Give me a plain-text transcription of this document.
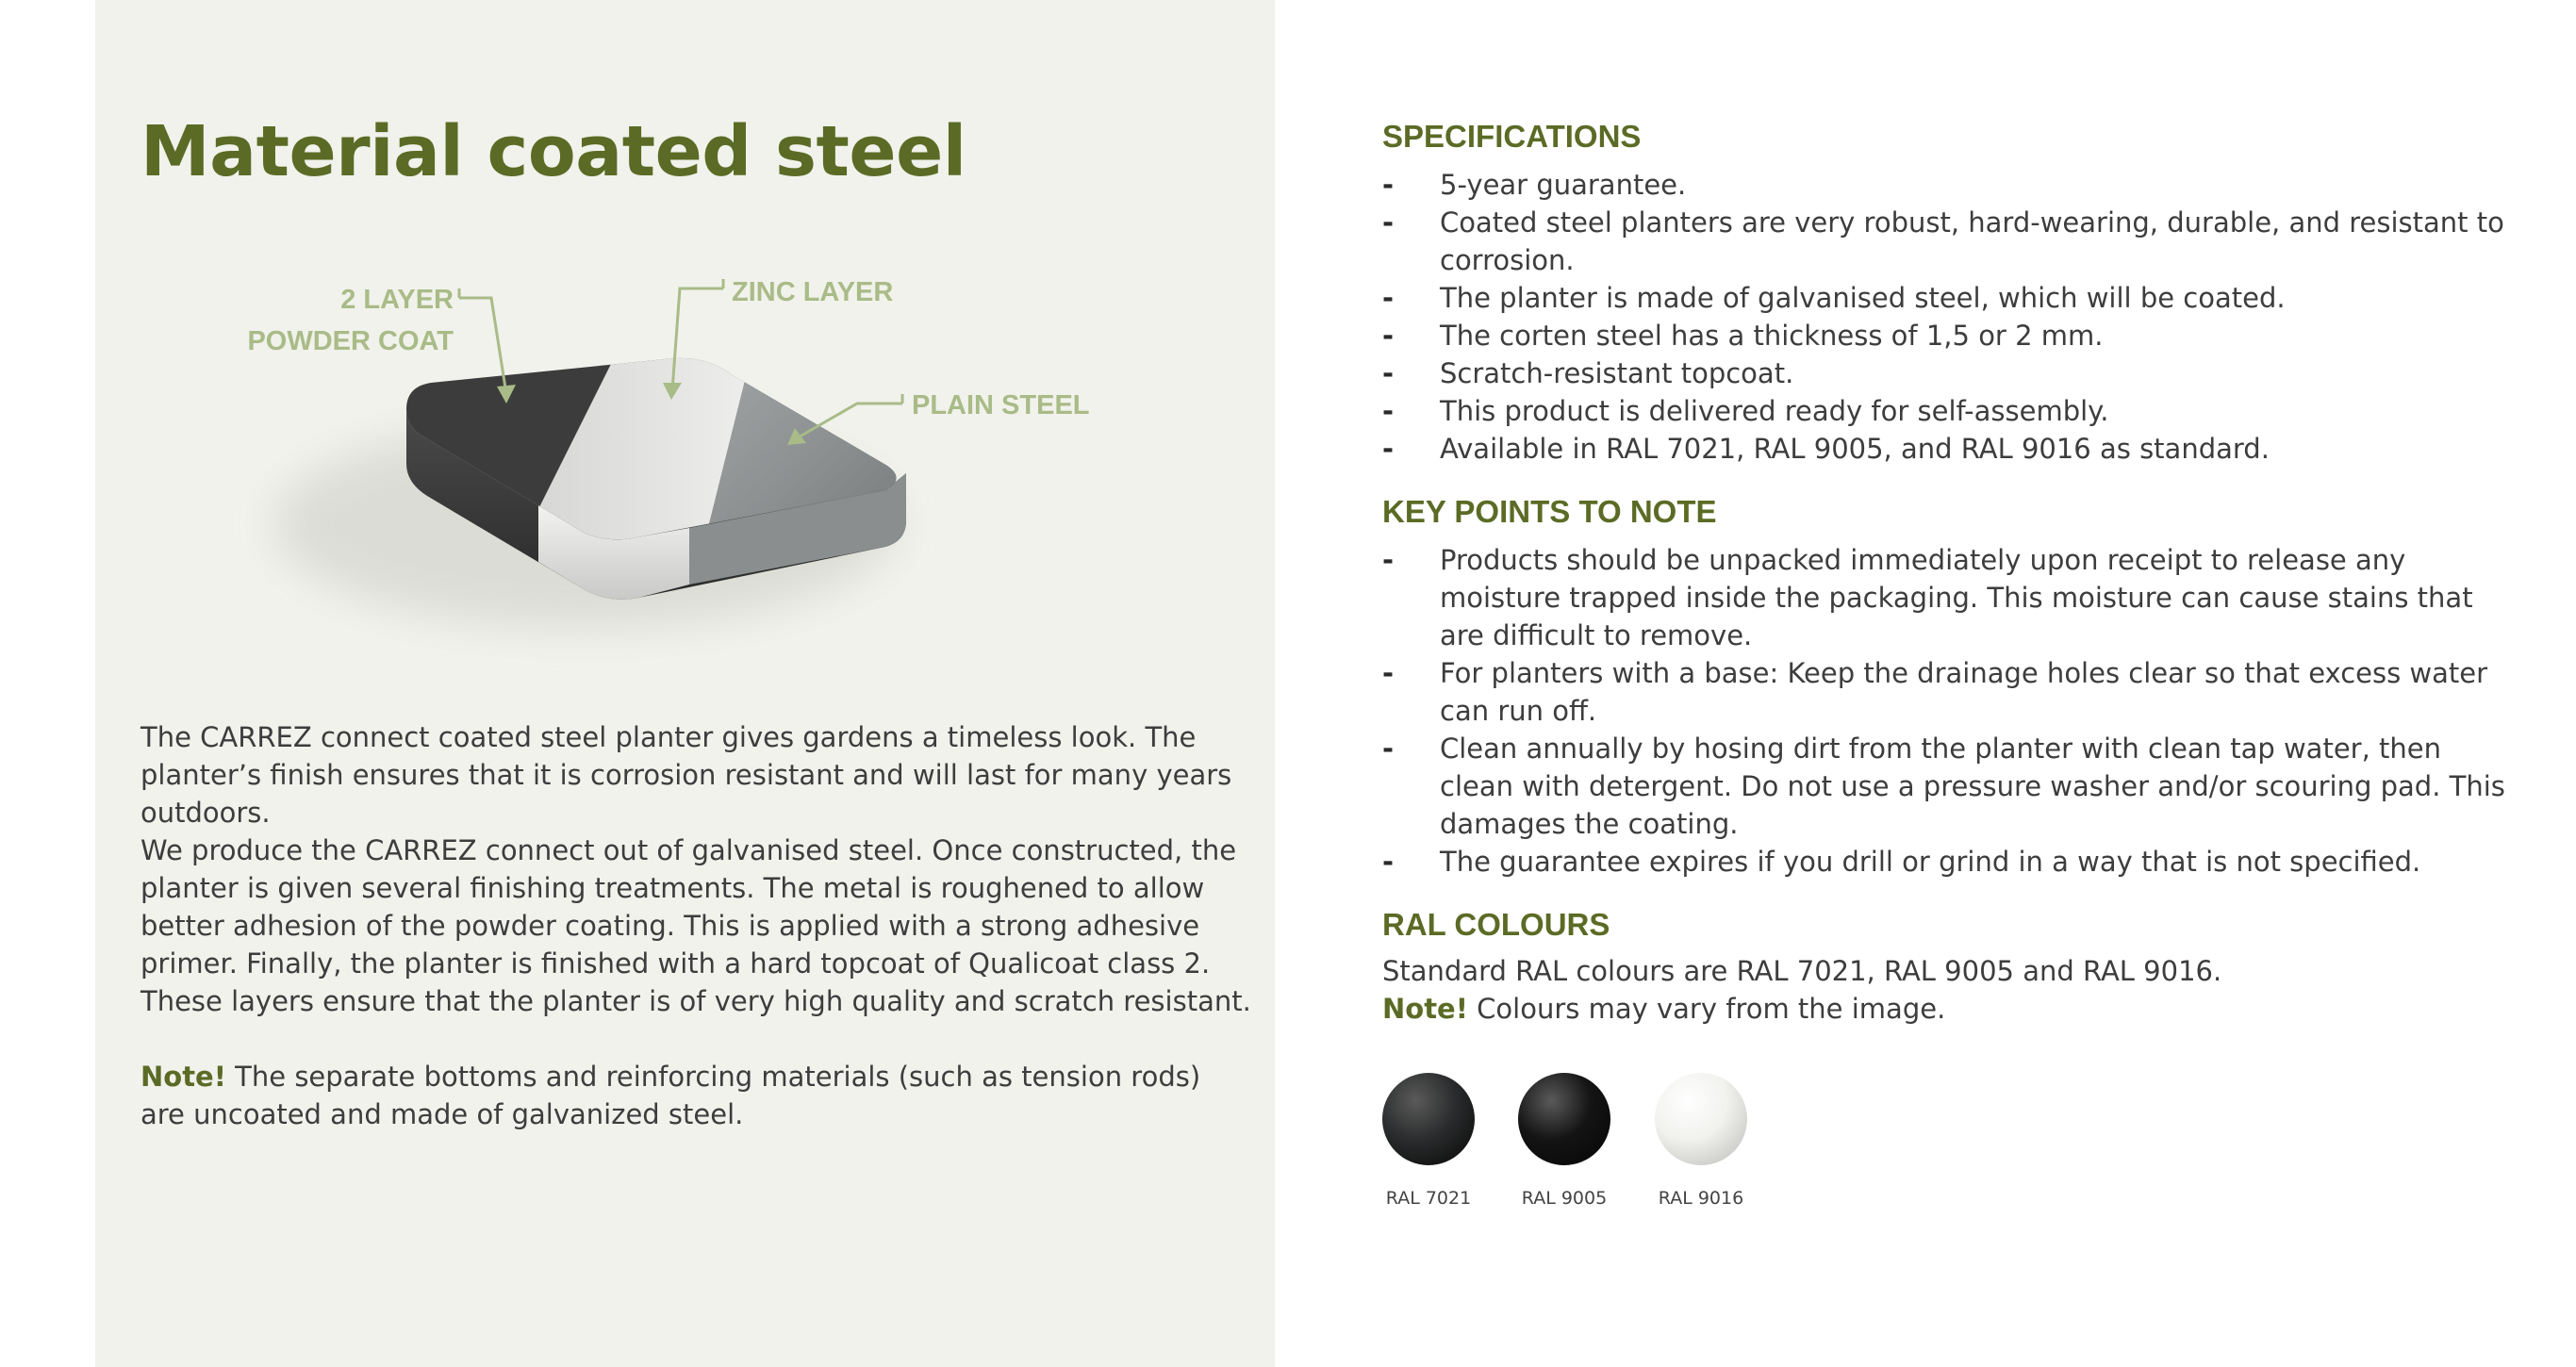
Material coated steel
2 LAYER
POWDER COAT
ZINC LAYER
PLAIN STEEL

The CARREZ connect coated steel planter gives gardens a timeless look. The planter’s finish ensures that it is corrosion resistant and will last for many years outdoors.

We produce the CARREZ connect out of galvanised steel. Once constructed, the planter is given several finishing treatments. The metal is roughened to allow better adhesion of the powder coating. This is applied with a strong adhesive primer. Finally, the planter is finished with a hard topcoat of Qualicoat class 2. These layers ensure that the planter is of very high quality and scratch resistant.

Note! The separate bottoms and reinforcing materials (such as tension rods) are uncoated and made of galvanized steel.

SPECIFICATIONS
- 5-year guarantee.
- Coated steel planters are very robust, hard-wearing, durable, and resistant to corrosion.
- The planter is made of galvanised steel, which will be coated.
- The corten steel has a thickness of 1,5 or 2 mm.
- Scratch-resistant topcoat.
- This product is delivered ready for self-assembly.
- Available in RAL 7021, RAL 9005, and RAL 9016 as standard.
KEY POINTS TO NOTE
- Products should be unpacked immediately upon receipt to release any moisture trapped inside the packaging. This moisture can cause stains that are difficult to remove.
- For planters with a base: Keep the drainage holes clear so that excess water can run off.
- Clean annually by hosing dirt from the planter with clean tap water, then clean with detergent. Do not use a pressure washer and/or scouring pad. This damages the coating.
- The guarantee expires if you drill or grind in a way that is not specified.
RAL COLOURS

Standard RAL colours are RAL 7021, RAL 9005 and RAL 9016.
Note! Colours may vary from the image.

RAL 7021	RAL 9005	RAL 9016
